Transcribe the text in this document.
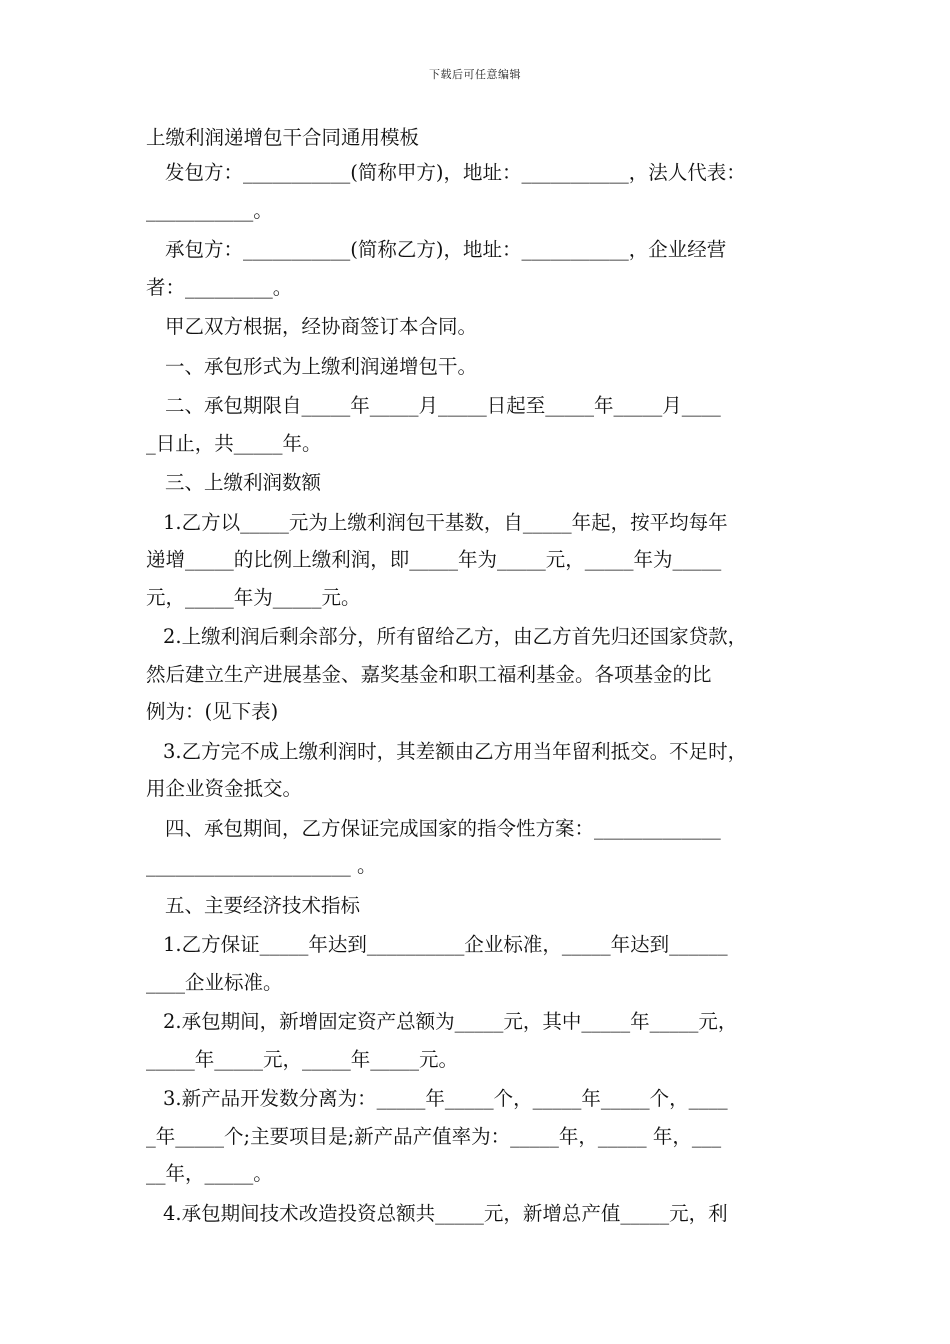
下载后可任意编辑
上缴利润递增包干合同通用模板
发包方：___________(简称甲方)，地址：___________，法人代表：
___________。
承包方：___________(简称乙方)，地址：___________，企业经营
者：_________。
甲乙双方根据，经协商签订本合同。
一、承包形式为上缴利润递增包干。
二、承包期限自_____年_____月_____日起至_____年_____月____
_日止，共_____年。
三、上缴利润数额
1.乙方以_____元为上缴利润包干基数，自_____年起，按平均每年
递增_____的比例上缴利润，即_____年为_____元，_____年为_____
元，_____年为_____元。
2.上缴利润后剩余部分，所有留给乙方，由乙方首先归还国家贷款，
然后建立生产进展基金、嘉奖基金和职工福利基金。各项基金的比
例为：(见下表)
3.乙方完不成上缴利润时，其差额由乙方用当年留利抵交。不足时，
用企业资金抵交。
四、承包期间，乙方保证完成国家的指令性方案：_____________
_____________________ 。
五、主要经济技术指标
1.乙方保证_____年达到__________企业标准，_____年达到______
____企业标准。
2.承包期间，新增固定资产总额为_____元，其中_____年_____元，
_____年_____元，_____年_____元。
3.新产品开发数分离为：_____年_____个，_____年_____个，____
_年_____个;主要项目是;新产品产值率为：_____年，_____ 年，___
__年，_____。
4.承包期间技术改造投资总额共_____元，新增总产值_____元，利
